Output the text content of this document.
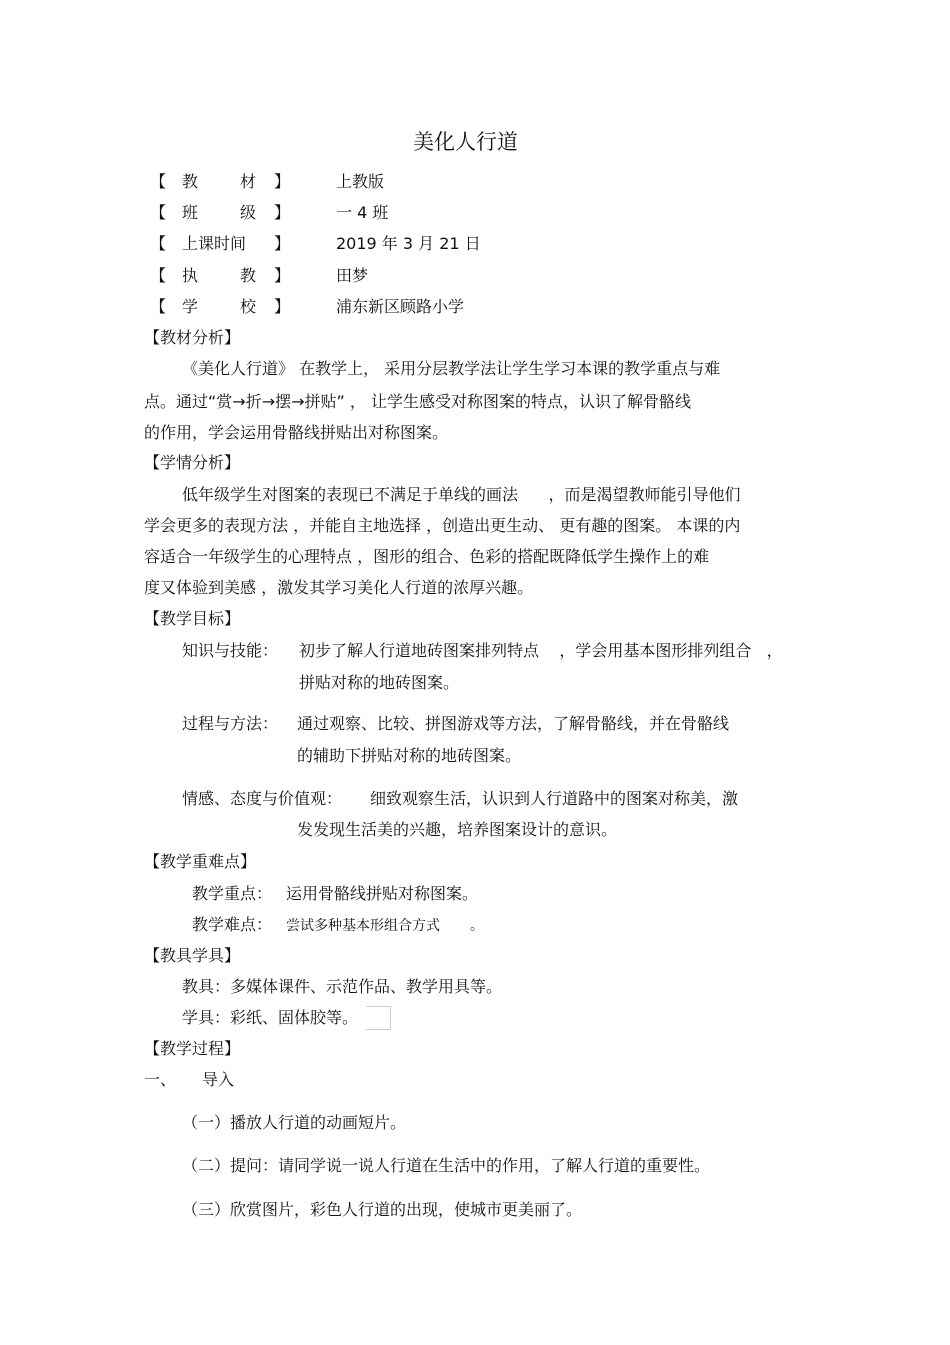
美化人行道
【 教	材 】	上教版
【 班	级 】	一 4 班
【 上课时间 】	2019 年 3 月 21 日
【 执	教 】	田梦
【 学	校 】	浦东新区顾路小学
【教材分析】
《美化人行道》 在教学上， 采用分层教学法让学生学习本课的教学重点与难
点。通过“赏→折→摆→拼贴” ， 让学生感受对称图案的特点，认识了解骨骼线
的作用，学会运用骨骼线拼贴出对称图案。
【学情分析】
低年级学生对图案的表现已不满足于单线的画法      ，而是渴望教师能引导他们
学会更多的表现方法 ，并能自主地选择 ，创造出更生动、 更有趣的图案。 本课的内
容适合一年级学生的心理特点 ，图形的组合、色彩的搭配既降低学生操作上的难
度又体验到美感 ，激发其学习美化人行道的浓厚兴趣。
【教学目标】
知识与技能： 初步了解人行道地砖图案排列特点    ，学会用基本图形排列组合   ，
拼贴对称的地砖图案。
过程与方法： 通过观察、比较、拼图游戏等方法，了解骨骼线，并在骨骼线
的辅助下拼贴对称的地砖图案。
情感、态度与价值观： 细致观察生活，认识到人行道路中的图案对称美，激
发发现生活美的兴趣，培养图案设计的意识。
【教学重难点】
教学重点： 运用骨骼线拼贴对称图案。
教学难点： 尝试多种基本形组合方式 。
【教具学具】
教具：多媒体课件、示范作品、教学用具等。
学具：彩纸、固体胶等。
【教学过程】
一、 导入
（一）播放人行道的动画短片。
（二）提问：请同学说一说人行道在生活中的作用，了解人行道的重要性。
（三）欣赏图片，彩色人行道的出现，使城市更美丽了。
